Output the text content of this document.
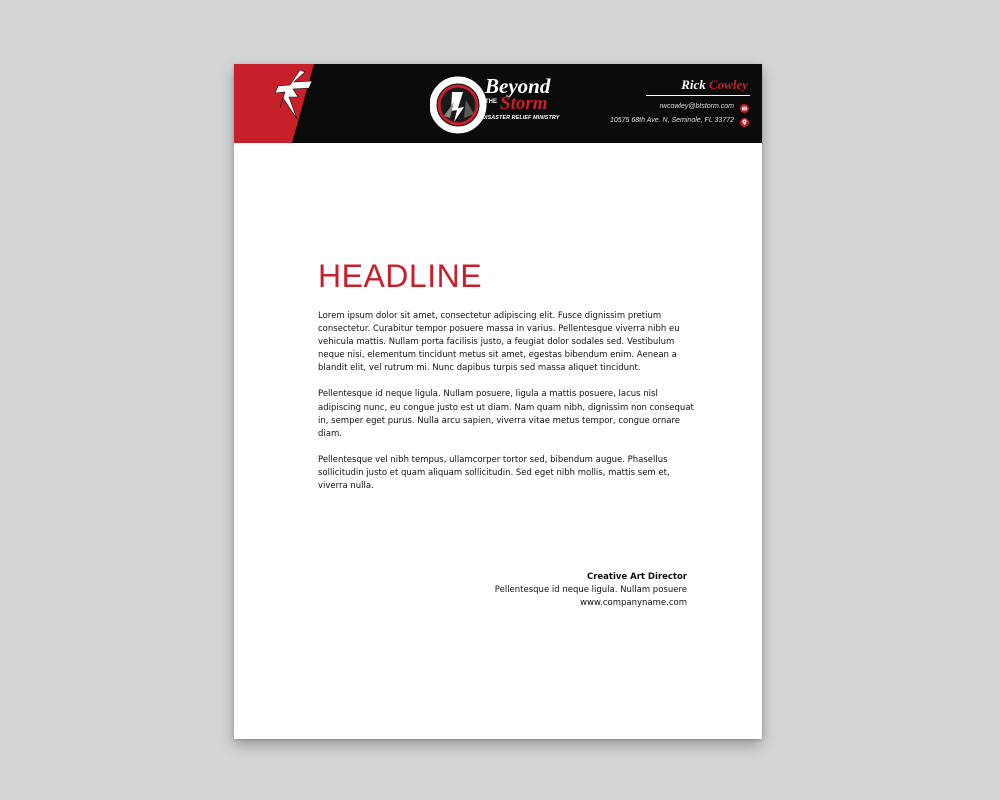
Beyond
THE Storm
DISASTER RELIEF MINISTRY
Rick Cowley
rwcowley@btstorm.com
10575 68th Ave. N, Seminole, FL 33772
HEADLINE

Lorem ipsum dolor sit amet, consectetur adipiscing elit. Fusce dignissim pretium consectetur. Curabitur tempor posuere massa in varius. Pellentesque viverra nibh eu vehicula mattis. Nullam porta facilisis justo, a feugiat dolor sodales sed. Vestibulum neque nisi, elementum tincidunt metus sit amet, egestas bibendum enim. Aenean a blandit elit, vel rutrum mi. Nunc dapibus turpis sed massa aliquet tincidunt.

Pellentesque id neque ligula. Nullam posuere, ligula a mattis posuere, lacus nisl adipiscing nunc, eu congue justo est ut diam. Nam quam nibh, dignissim non consequat in, semper eget purus. Nulla arcu sapien, viverra vitae metus tempor, congue ornare diam.

Pellentesque vel nibh tempus, ullamcorper tortor sed, bibendum augue. Phasellus sollicitudin justo et quam aliquam sollicitudin. Sed eget nibh mollis, mattis sem et, viverra nulla.

Creative Art Director
Pellentesque id neque ligula. Nullam posuere
www.companyname.com
